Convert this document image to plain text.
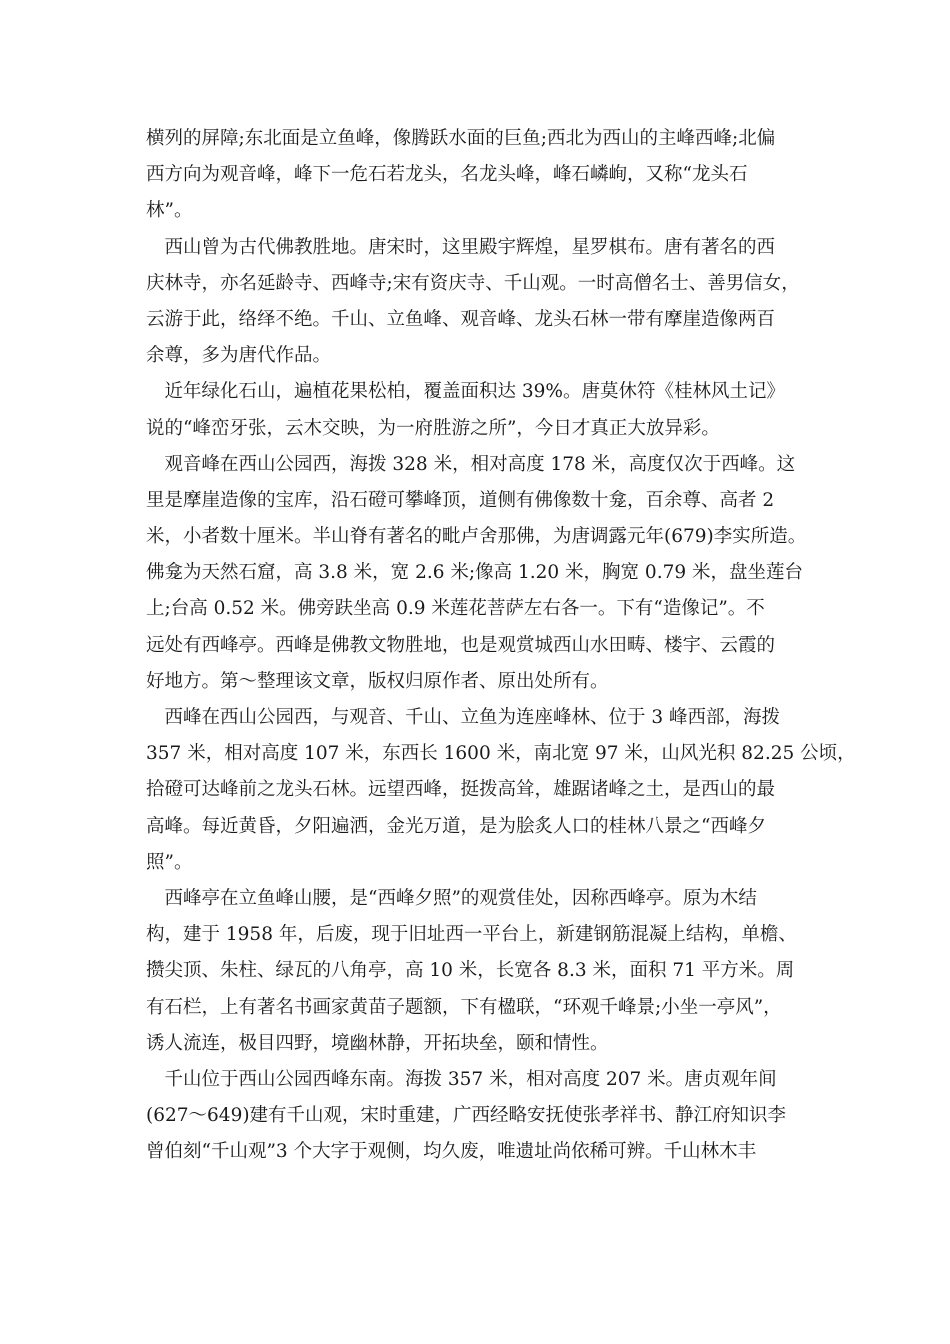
横列的屏障;东北面是立鱼峰，像腾跃水面的巨鱼;西北为西山的主峰西峰;北偏
西方向为观音峰，峰下一危石若龙头，名龙头峰，峰石嶙峋，又称“龙头石
林”。
　西山曾为古代佛教胜地。唐宋时，这里殿宇辉煌，星罗棋布。唐有著名的西
庆林寺，亦名延龄寺、西峰寺;宋有资庆寺、千山观。一时高僧名士、善男信女，
云游于此，络绎不绝。千山、立鱼峰、观音峰、龙头石林一带有摩崖造像两百
余尊，多为唐代作品。
　近年绿化石山，遍植花果松柏，覆盖面积达 39%。唐莫休符《桂林风土记》
说的“峰峦牙张，云木交映，为一府胜游之所”，今日才真正大放异彩。
　观音峰在西山公园西，海拨 328 米，相对高度 178 米，高度仅次于西峰。这
里是摩崖造像的宝库，沿石磴可攀峰顶，道侧有佛像数十龛，百余尊、高者 2
米，小者数十厘米。半山脊有著名的毗卢舍那佛，为唐调露元年(679)李实所造。
佛龛为天然石窟，高 3.8 米，宽 2.6 米;像高 1.20 米，胸宽 0.79 米，盘坐莲台
上;台高 0.52 米。佛旁趺坐高 0.9 米莲花菩萨左右各一。下有“造像记”。不
远处有西峰亭。西峰是佛教文物胜地，也是观赏城西山水田畴、楼宇、云霞的
好地方。第～整理该文章，版权归原作者、原出处所有。
　西峰在西山公园西，与观音、千山、立鱼为连座峰林、位于 3 峰西部，海拨
357 米，相对高度 107 米，东西长 1600 米，南北宽 97 米，山风光积 82.25 公顷，
拾磴可达峰前之龙头石林。远望西峰，挺拨高耸，雄踞诸峰之土，是西山的最
高峰。每近黄昏，夕阳遍洒，金光万道，是为脍炙人口的桂林八景之“西峰夕
照”。
　西峰亭在立鱼峰山腰，是“西峰夕照”的观赏佳处，因称西峰亭。原为木结
构，建于 1958 年，后废，现于旧址西一平台上，新建钢筋混凝上结构，单檐、
攒尖顶、朱柱、绿瓦的八角亭，高 10 米，长宽各 8.3 米，面积 71 平方米。周
有石栏，上有著名书画家黄苗子题额，下有楹联，“环观千峰景;小坐一亭风”，
诱人流连，极目四野，境幽林静，开拓块垒，颐和情性。
　千山位于西山公园西峰东南。海拨 357 米，相对高度 207 米。唐贞观年间
(627～649)建有千山观，宋时重建，广西经略安抚使张孝祥书、静江府知识李
曾伯刻“千山观”3 个大字于观侧，均久废，唯遗址尚依稀可辨。千山林木丰
